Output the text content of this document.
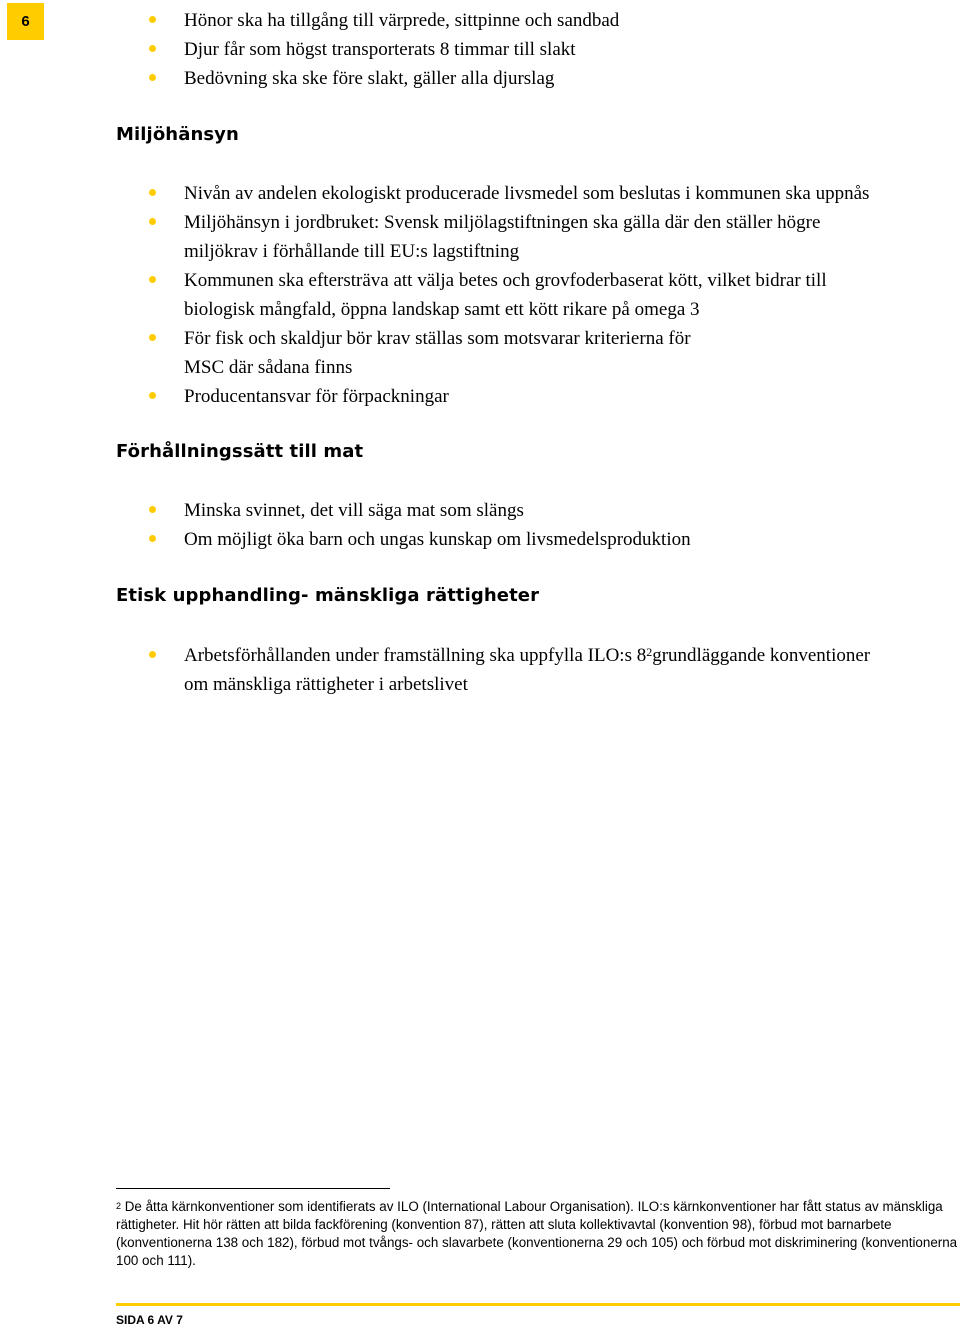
6	Hönor ska ha tillgång till värprede, sittpinne och sandbad
Djur får som högst transporterats 8 timmar till slakt
Bedövning ska ske före slakt, gäller alla djurslag
Miljöhänsyn
Nivån av andelen ekologiskt producerade livsmedel som beslutas i kommunen ska uppnås
Miljöhänsyn i jordbruket: Svensk miljölagstiftningen ska gälla där den ställer högre
miljökrav i förhållande till EU:s lagstiftning
Kommunen ska eftersträva att välja betes och grovfoderbaserat kött, vilket bidrar till
biologisk mångfald, öppna landskap samt ett kött rikare på omega 3
För fisk och skaldjur bör krav ställas som motsvarar kriterierna för
MSC där sådana finns
Producentansvar för förpackningar
Förhållningssätt till mat
Minska svinnet, det vill säga mat som slängs
Om möjligt öka barn och ungas kunskap om livsmedelsproduktion
Etisk upphandling- mänskliga rättigheter
Arbetsförhållanden under framställning ska uppfylla ILO:s 8$^2$grundläggande konventioner
om mänskliga rättigheter i arbetslivet
$^2$ De åtta kärnkonventioner som identifierats av ILO (International Labour Organisation). ILO:s kärnkonventioner har fått status av mänskliga rättigheter. Hit hör rätten att bilda fackförening (konvention 87), rätten att sluta kollektivavtal (konvention 98), förbud mot barnarbete (konventionerna 138 och 182), förbud mot tvångs- och slavarbete (konventionerna 29 och 105) och förbud mot diskriminering (konventionerna 100 och 111).
SIDA 6 AV 7
